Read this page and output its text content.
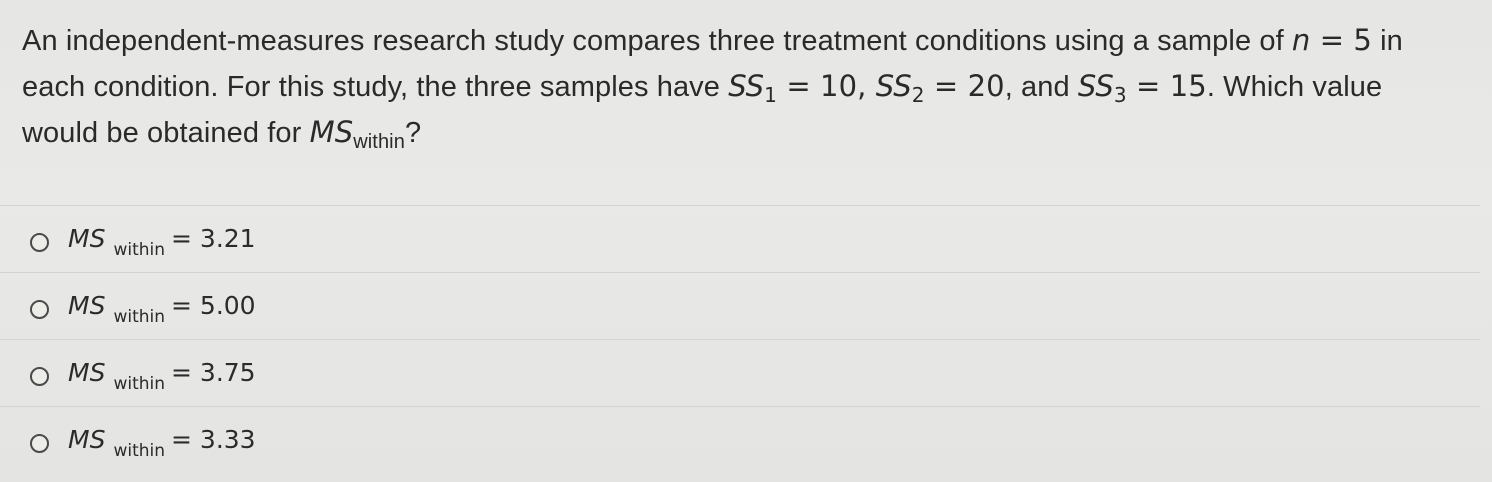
An independent-measures research study compares three treatment conditions using a sample of n = 5 in
each condition. For this study, the three samples have $SS_1 = 10$, $SS_2 = 20$, and $SS_3 = 15$. Which value
would be obtained for $MS_{within}$?
MS $_{within}$ = 3.21
MS $_{within}$ = 5.00
MS $_{within}$ = 3.75
MS $_{within}$ = 3.33
